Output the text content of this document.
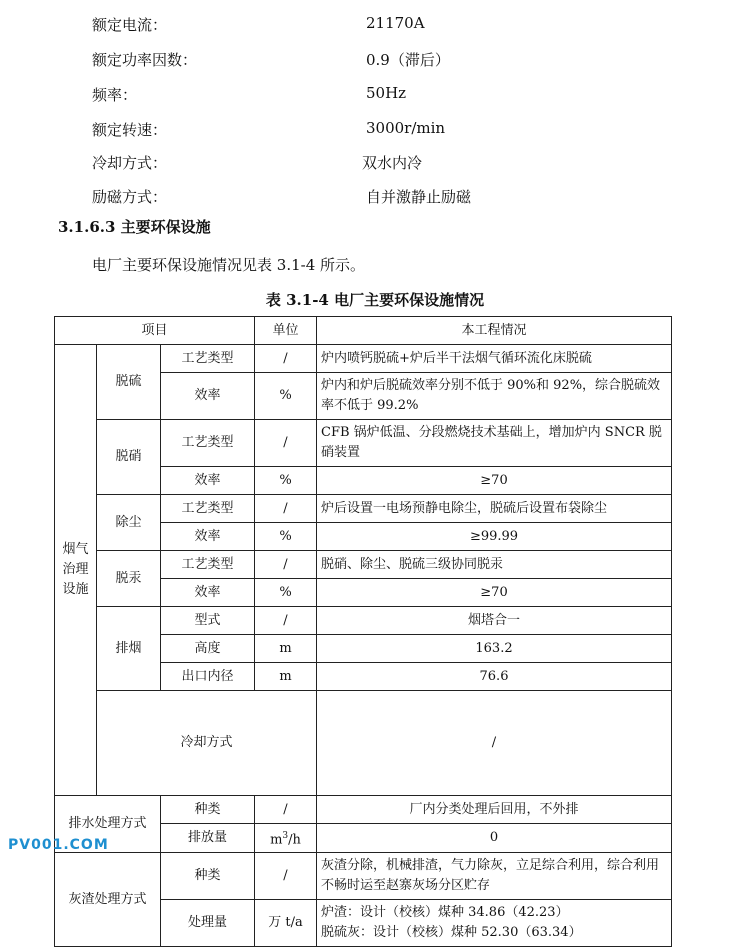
额定电流：	21170A
额定功率因数：	0.9（滞后）
频率：	50Hz
额定转速：	3000r/min
冷却方式：	双水内冷
励磁方式：	自并激静止励磁
3.1.6.3 主要环保设施
电厂主要环保设施情况见表 3.1-4 所示。
表 3.1-4 电厂主要环保设施情况
项目			单位	本工程情况	

烟气
治理
设施	脱硫	工艺类型	/	炉内喷钙脱硫+炉后半干法烟气循环流化床脱硫	
		效率	%	炉内和炉后脱硫效率分别不低于 90%和 92%，综合脱硫效率不低于 99.2%	
	脱硝	工艺类型	/	CFB 锅炉低温、分段燃烧技术基础上，增加炉内 SNCR 脱硝装置	
		效率	%	≥70	
	除尘	工艺类型	/	炉后设置一电场预静电除尘，脱硫后设置布袋除尘	
		效率	%	≥99.99	
	脱汞	工艺类型	/	脱硝、除尘、脱硫三级协同脱汞	
		效率	%	≥70	
	排烟	型式	/	烟塔合一	
		高度	m	163.2	
		出口内径	m	76.6	
	冷却方式			/	
排水处理方式		种类	/	厂内分类处理后回用，不外排	
		排放量	$m^3/h$	0	
灰渣处理方式		种类	/	灰渣分除，机械排渣，气力除灰，立足综合利用，综合利用不畅时运至赵寨灰场分区贮存	
		处理量	万 t/a	炉渣：设计（校核）煤种 34.86（42.23）
脱硫灰：设计（校核）煤种 52.30（63.34）	
PV001.COM
